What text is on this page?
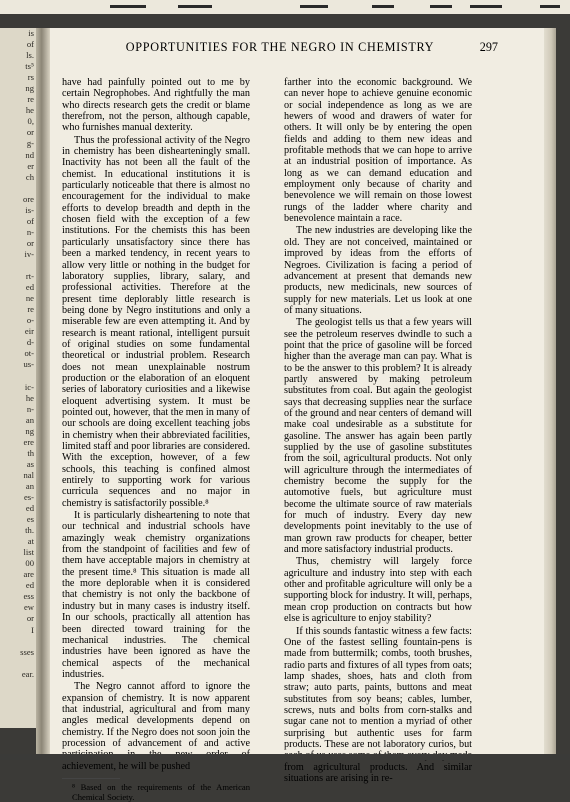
is
of
ls.
ts⁵
rs
ng
re
he
0,
or
g-
nd
er
ch
ore
is-
of
n-
or
iv-
rt-
ed
ne
re
o-
eir
d-
ot-
us-
ic-
he
n-
an
ng
ere
th
as
nal
an
es-
ed
es
th.
at
list
00
are
ed
ess
ew
or
I
sses
ear.
OPPORTUNITIES FOR THE NEGRO IN CHEMISTRY	297

have had painfully pointed out to me by certain Negrophobes. And rightfully the man who directs research gets the credit or blame therefrom, not the person, although capable, who furnishes manual dexterity.

Thus the professional activity of the Negro in chemistry has been dishearteningly small. Inactivity has not been all the fault of the chemist. In educational institutions it is particularly noticeable that there is almost no encouragement for the individual to make efforts to develop breadth and depth in the chosen field with the exception of a few institutions. For the chemists this has been particularly unsatisfactory since there has been a marked tendency, in recent years to allow very little or nothing in the budget for laboratory supplies, library, salary, and professional activities. Therefore at the present time deplorably little research is being done by Negro institutions and only a miserable few are even attempting it. And by research is meant rational, intelligent pursuit of original studies on some fundamental theoretical or industrial problem. Research does not mean unexplainable nostrum production or the elaboration of an eloquent series of laboratory curiosities and a likewise eloquent advertising system. It must be pointed out, however, that the men in many of our schools are doing excellent teaching jobs in chemistry when their abbreviated facilities, limited staff and poor libraries are considered. With the exception, however, of a few schools, this teaching is confined almost entirely to supporting work for various curricula sequences and no major in chemistry is satisfactorily possible.⁸

It is particularly disheartening to note that our technical and industrial schools have amazingly weak chemistry organizations from the standpoint of facilities and few of them have acceptable majors in chemistry at the present time.⁸ This situation is made all the more deplorable when it is considered that chemistry is not only the backbone of industry but in many cases is industry itself. In our schools, practically all attention has been directed toward training for the mechanical industries. The chemical industries have been ignored as have the chemical aspects of the mechanical industries.

The Negro cannot afford to ignore the expansion of chemistry. It is now apparent that industrial, agricultural and from many angles medical developments depend on chemistry. If the Negro does not soon join the procession of advancement of and active achievement, he will be pushed

⁸ Based on the requirements of the American Chemical Society.

farther into the economic background. We can never hope to achieve genuine economic or social independence as long as we are hewers of wood and drawers of water for others. It will only be by entering the open fields and adding to them new ideas and profitable methods that we can hope to arrive at an industrial position of importance. As long as we can demand education and employment only because of charity and benevolence we will remain on those lowest rungs of the ladder where charity and benevolence maintain a race.

The new industries are developing like the old. They are not conceived, maintained or improved by ideas from the efforts of Negroes. Civilization is facing a period of advancement at present that demands new products, new medicinals, new sources of supply for new materials. Let us look at one of many situations.

The geologist tells us that a few years will see the petroleum reserves dwindle to such a point that the price of gasoline will be forced higher than the average man can pay. What is to be the answer to this problem? It is already partly answered by making petroleum substitutes from coal. But again the geologist says that decreasing supplies near the surface of the ground and near centers of demand will make coal undesirable as a substitute for gasoline. The answer has again been partly supplied by the use of gasoline substitutes from the soil, agricultural products. Not only will agriculture through the intermediates of chemistry become the supply for the automotive fuels, but agriculture must become the ultimate source of raw materials for much of industry. Every day new developments point inevitably to the use of man grown raw products for cheaper, better and more satisfactory industrial products.

Thus, chemistry will largely force agriculture and industry into step with each other and profitable agriculture will only be a supporting block for industry. It will, perhaps, mean crop production on contracts but how else is agriculture to enjoy stability?

If this sounds fantastic witness a few facts: One of the fastest selling fountain-pens is made from buttermilk; combs, tooth brushes, radio parts and fixtures of all types from oats; lamp shades, shoes, hats and cloth from straw; auto parts, paints, buttons and meat substitutes from soy beans; cables, lumber, screws, nuts and bolts from corn-stalks and sugar cane not to mention a myriad of other surprising but authentic uses for farm products. These are not laboratory curios, but from agricultural products. And similar situations are arising in re-
